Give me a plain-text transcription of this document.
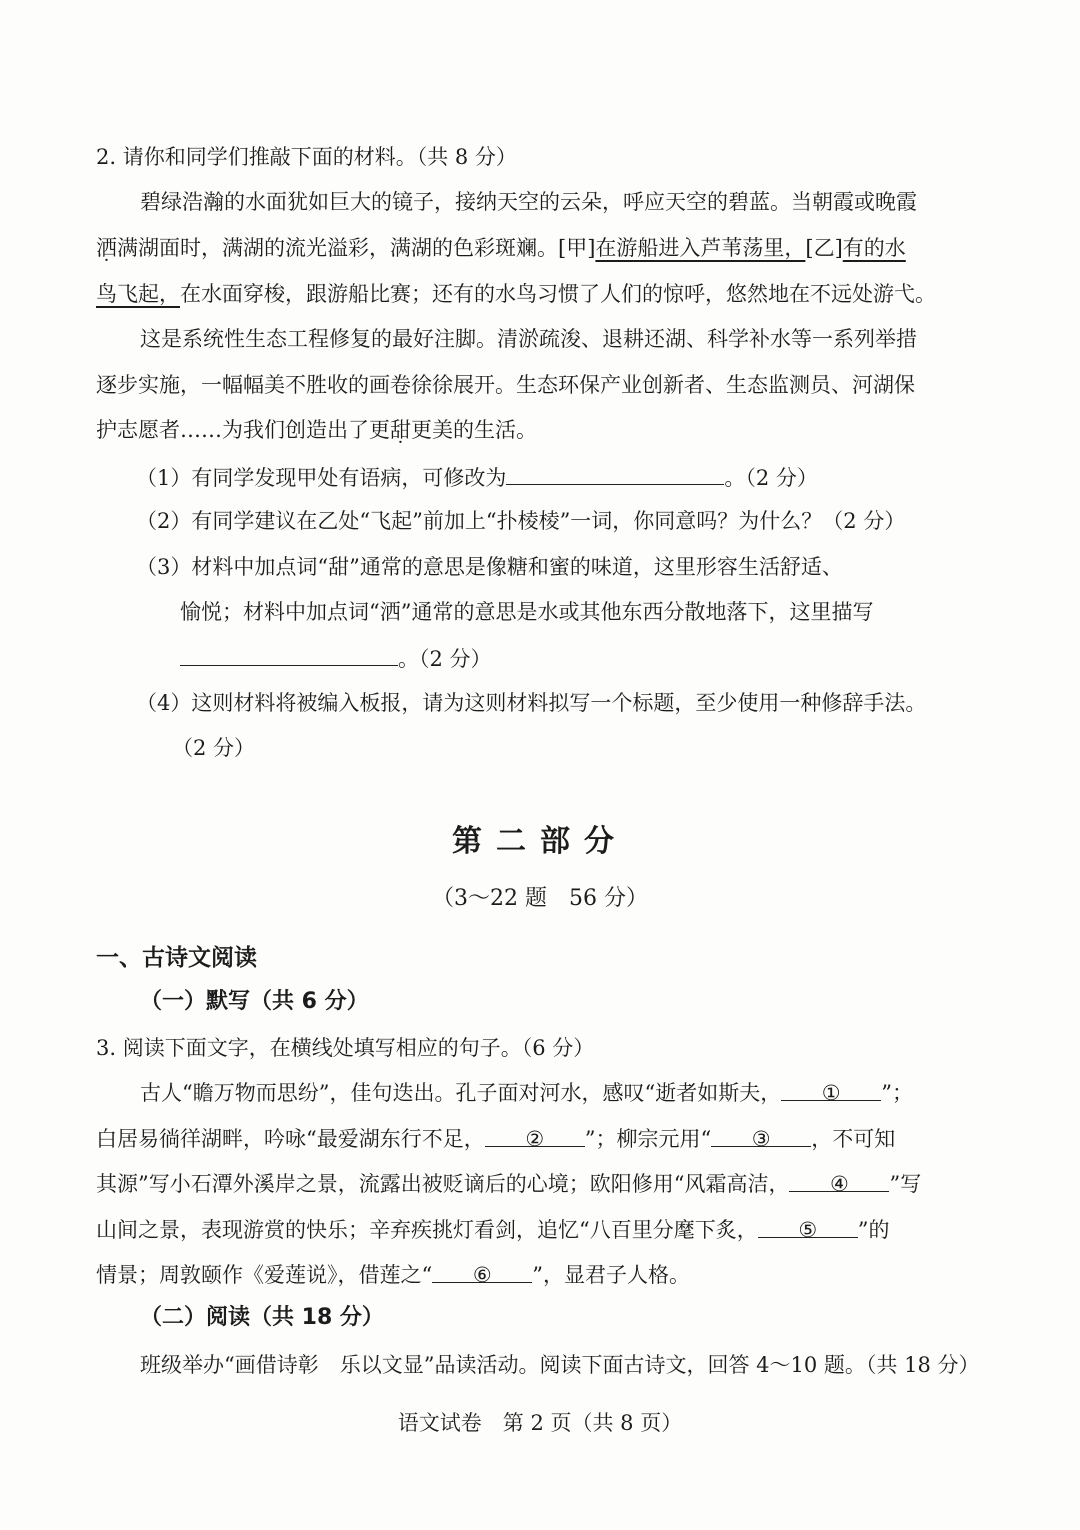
2. 请你和同学们推敲下面的材料。（共 8 分）
碧绿浩瀚的水面犹如巨大的镜子，接纳天空的云朵，呼应天空的碧蓝。当朝霞或晚霞
洒满湖面时，满湖的流光溢彩，满湖的色彩斑斓。[甲]在游船进入芦苇荡里，[乙]有的水
鸟飞起，在水面穿梭，跟游船比赛；还有的水鸟习惯了人们的惊呼，悠然地在不远处游弋。
这是系统性生态工程修复的最好注脚。清淤疏浚、退耕还湖、科学补水等一系列举措
逐步实施，一幅幅美不胜收的画卷徐徐展开。生态环保产业创新者、生态监测员、河湖保
护志愿者……为我们创造出了更甜更美的生活。
（1）有同学发现甲处有语病，可修改为	。（2 分）
（2）有同学建议在乙处“飞起”前加上“扑棱棱”一词，你同意吗？为什么？（2 分）
（3）材料中加点词“甜”通常的意思是像糖和蜜的味道，这里形容生活舒适、
愉悦；材料中加点词“洒”通常的意思是水或其他东西分散地落下，这里描写
。（2 分）
（4）这则材料将被编入板报，请为这则材料拟写一个标题，至少使用一种修辞手法。
（2 分）
第二部分
（3～22 题　56 分）
一、古诗文阅读
（一）默写（共 6 分）
3. 阅读下面文字，在横线处填写相应的句子。（6 分）
古人“瞻万物而思纷”，佳句迭出。孔子面对河水，感叹“逝者如斯夫， ① ”；
白居易徜徉湖畔，吟咏“最爱湖东行不足， ② ”；柳宗元用“ ③ ，不可知
其源”写小石潭外溪岸之景，流露出被贬谪后的心境；欧阳修用“风霜高洁， ④ ”写
山间之景，表现游赏的快乐；辛弃疾挑灯看剑，追忆“八百里分麾下炙， ⑤ ”的
情景；周敦颐作《爱莲说》，借莲之“ ⑥ ”，显君子人格。
（二）阅读（共 18 分）
班级举办“画借诗彰　乐以文显”品读活动。阅读下面古诗文，回答 4～10 题。（共 18 分）
语文试卷　第 2 页（共 8 页）
